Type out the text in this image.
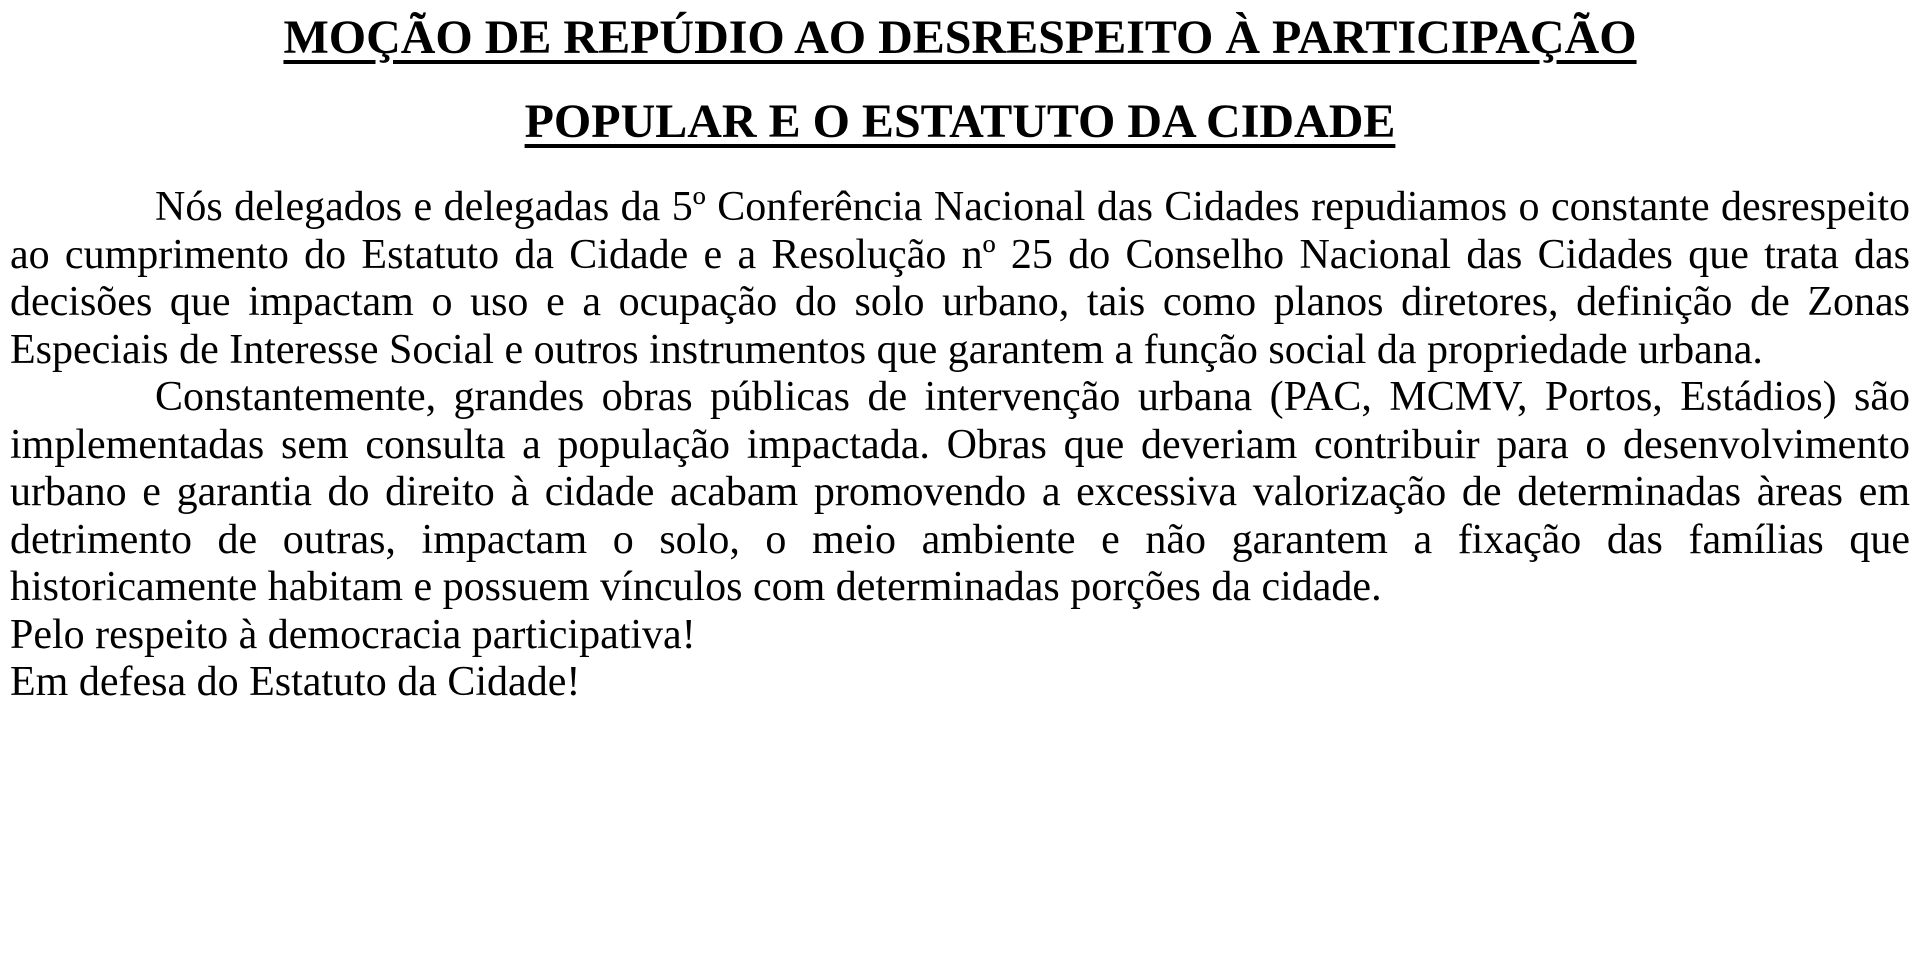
MOÇÃO DE REPÚDIO AO DESRESPEITO À PARTICIPAÇÃO
POPULAR E O ESTATUTO DA CIDADE

Nós delegados e delegadas da 5º Conferência Nacional das Cidades repudiamos o constante desrespeito ao cumprimento do Estatuto da Cidade e a Resolução nº 25 do Conselho Nacional das Cidades que trata das decisões que impactam o uso e a ocupação do solo urbano, tais como planos diretores, definição de Zonas Especiais de Interesse Social e outros instrumentos que garantem a função social da propriedade urbana.

Constantemente, grandes obras públicas de intervenção urbana (PAC, MCMV, Portos, Estádios) são implementadas sem consulta a população impactada. Obras que deveriam contribuir para o desenvolvimento urbano e garantia do direito à cidade acabam promovendo a excessiva valorização de determinadas àreas em detrimento de outras, impactam o solo, o meio ambiente e não garantem a fixação das famílias que historicamente habitam e possuem vínculos com determinadas porções da cidade.

Pelo respeito à democracia participativa!

Em defesa do Estatuto da Cidade!
